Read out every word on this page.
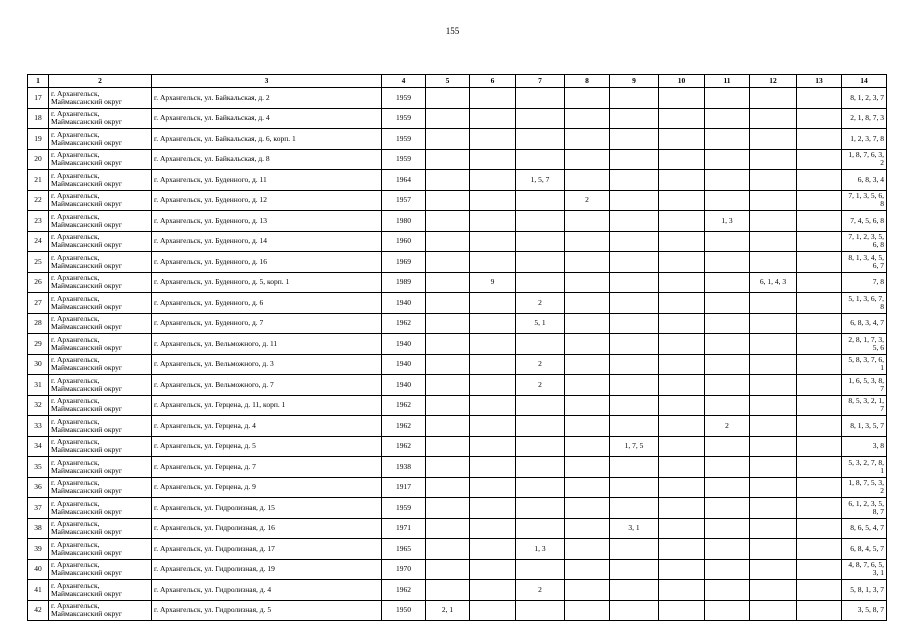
155
1	2	3	4	5	6	7	8	9	10	11	12	13	14
17	г. Архангельск, Маймаксанский округ	г. Архангельск, ул. Байкальская, д. 2	1959										8, 1, 2, 3, 7
18	г. Архангельск, Маймаксанский округ	г. Архангельск, ул. Байкальская, д. 4	1959										2, 1, 8, 7, 3
19	г. Архангельск, Маймаксанский округ	г. Архангельск, ул. Байкальская, д. 6, корп. 1	1959										1, 2, 3, 7, 8
20	г. Архангельск, Маймаксанский округ	г. Архангельск, ул. Байкальская, д. 8	1959										1, 8, 7, 6, 3, 2
21	г. Архангельск, Маймаксанский округ	г. Архангельск, ул. Буденного, д. 11	1964			1, 5, 7							6, 8, 3, 4
22	г. Архангельск, Маймаксанский округ	г. Архангельск, ул. Буденного, д. 12	1957				2						7, 1, 3, 5, 6, 8
23	г. Архангельск, Маймаксанский округ	г. Архангельск, ул. Буденного, д. 13	1980							1, 3			7, 4, 5, 6, 8
24	г. Архангельск, Маймаксанский округ	г. Архангельск, ул. Буденного, д. 14	1960										7, 1, 2, 3, 5, 6, 8
25	г. Архангельск, Маймаксанский округ	г. Архангельск, ул. Буденного, д. 16	1969										8, 1, 3, 4, 5, 6, 7
26	г. Архангельск, Маймаксанский округ	г. Архангельск, ул. Буденного, д. 5, корп. 1	1989		9						6, 1, 4, 3		7, 8
27	г. Архангельск, Маймаксанский округ	г. Архангельск, ул. Буденного, д. 6	1940			2							5, 1, 3, 6, 7, 8
28	г. Архангельск, Маймаксанский округ	г. Архангельск, ул. Буденного, д. 7	1962			5, 1							6, 8, 3, 4, 7
29	г. Архангельск, Маймаксанский округ	г. Архангельск, ул. Вельможного, д. 11	1940										2, 8, 1, 7, 3, 5, 6
30	г. Архангельск, Маймаксанский округ	г. Архангельск, ул. Вельможного, д. 3	1940			2							5, 8, 3, 7, 6, 1
31	г. Архангельск, Маймаксанский округ	г. Архангельск, ул. Вельможного, д. 7	1940			2							1, 6, 5, 3, 8, 7
32	г. Архангельск, Маймаксанский округ	г. Архангельск, ул. Герцена, д. 11, корп. 1	1962										8, 5, 3, 2, 1, 7
33	г. Архангельск, Маймаксанский округ	г. Архангельск, ул. Герцена, д. 4	1962							2			8, 1, 3, 5, 7
34	г. Архангельск, Маймаксанский округ	г. Архангельск, ул. Герцена, д. 5	1962					1, 7, 5					3, 8
35	г. Архангельск, Маймаксанский округ	г. Архангельск, ул. Герцена, д. 7	1938										5, 3, 2, 7, 8, 1
36	г. Архангельск, Маймаксанский округ	г. Архангельск, ул. Герцена, д. 9	1917										1, 8, 7, 5, 3, 2
37	г. Архангельск, Маймаксанский округ	г. Архангельск, ул. Гидролизная, д. 15	1959										6, 1, 2, 3, 5, 8, 7
38	г. Архангельск, Маймаксанский округ	г. Архангельск, ул. Гидролизная, д. 16	1971					3, 1					8, 6, 5, 4, 7
39	г. Архангельск, Маймаксанский округ	г. Архангельск, ул. Гидролизная, д. 17	1965			1, 3							6, 8, 4, 5, 7
40	г. Архангельск, Маймаксанский округ	г. Архангельск, ул. Гидролизная, д. 19	1970										4, 8, 7, 6, 5, 3, 1
41	г. Архангельск, Маймаксанский округ	г. Архангельск, ул. Гидролизная, д. 4	1962			2							5, 8, 1, 3, 7
42	г. Архангельск, Маймаксанский округ	г. Архангельск, ул. Гидролизная, д. 5	1950	2, 1									3, 5, 8, 7
